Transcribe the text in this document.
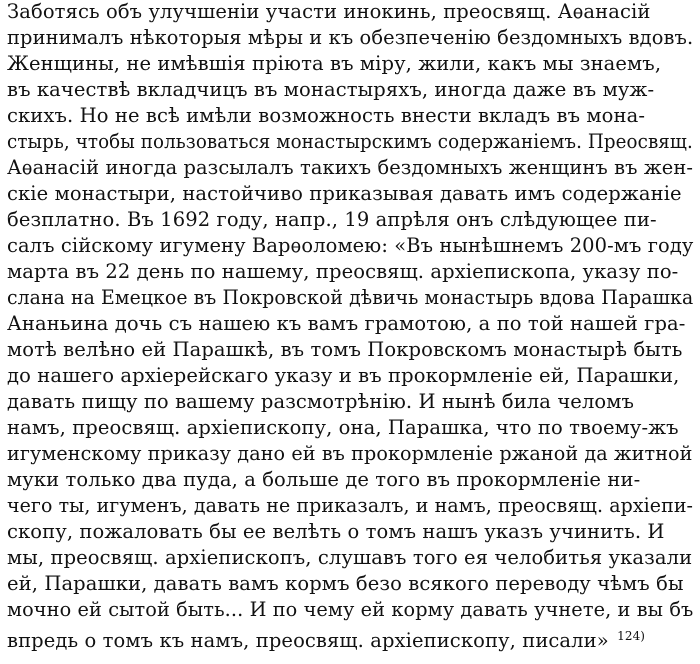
Заботясь объ улучшеніи участи инокинь, преосвящ. Аѳанасій
принималъ нѣкоторыя мѣры и къ обезпеченію бездомныхъ вдовъ.
Женщины, не имѣвшія пріюта въ міру, жили, какъ мы знаемъ,
въ качествѣ вкладчицъ въ монастыряхъ, иногда даже въ муж-
скихъ. Но не всѣ имѣли возможность внести вкладъ въ мона-
стырь, чтобы пользоваться монастырскимъ содержаніемъ. Преосвящ.
Аѳанасій иногда разсылалъ такихъ бездомныхъ женщинъ въ жен-
скіе монастыри, настойчиво приказывая давать имъ содержаніе
безплатно. Въ 1692 году, напр., 19 апрѣля онъ слѣдующее пи-
салъ сійскому игумену Варѳоломею: «Въ нынѣшнемъ 200-мъ году
марта въ 22 день по нашему, преосвящ. архіепископа, указу по-
слана на Емецкое въ Покровской дѣвичь монастырь вдова Парашка
Ананьина дочь съ нашею къ вамъ грамотою, а по той нашей гра-
мотѣ велѣно ей Парашкѣ, въ томъ Покровскомъ монастырѣ быть
до нашего архіерейскаго указу и въ прокормленіе ей, Парашки,
давать пищу по вашему разсмотрѣнію. И нынѣ била челомъ
намъ, преосвящ. архіепископу, она, Парашка, что по твоему-жъ
игуменскому приказу дано ей въ прокормленіе ржаной да житной
муки только два пуда, а больше де того въ прокормленіе ни-
чего ты, игуменъ, давать не приказалъ, и намъ, преосвящ. архіепи-
скопу, пожаловать бы ее велѣть о томъ нашъ указъ учинить. И
мы, преосвящ. архіепископъ, слушавъ того ея челобитья указали
ей, Парашки, давать вамъ кормъ безо всякого переводу чѣмъ бы
мочно ей сытой быть... И по чему ей корму давать учнете, и вы бъ
впредь о томъ къ намъ, преосвящ. архіепископу, писали» $^{124)}$
